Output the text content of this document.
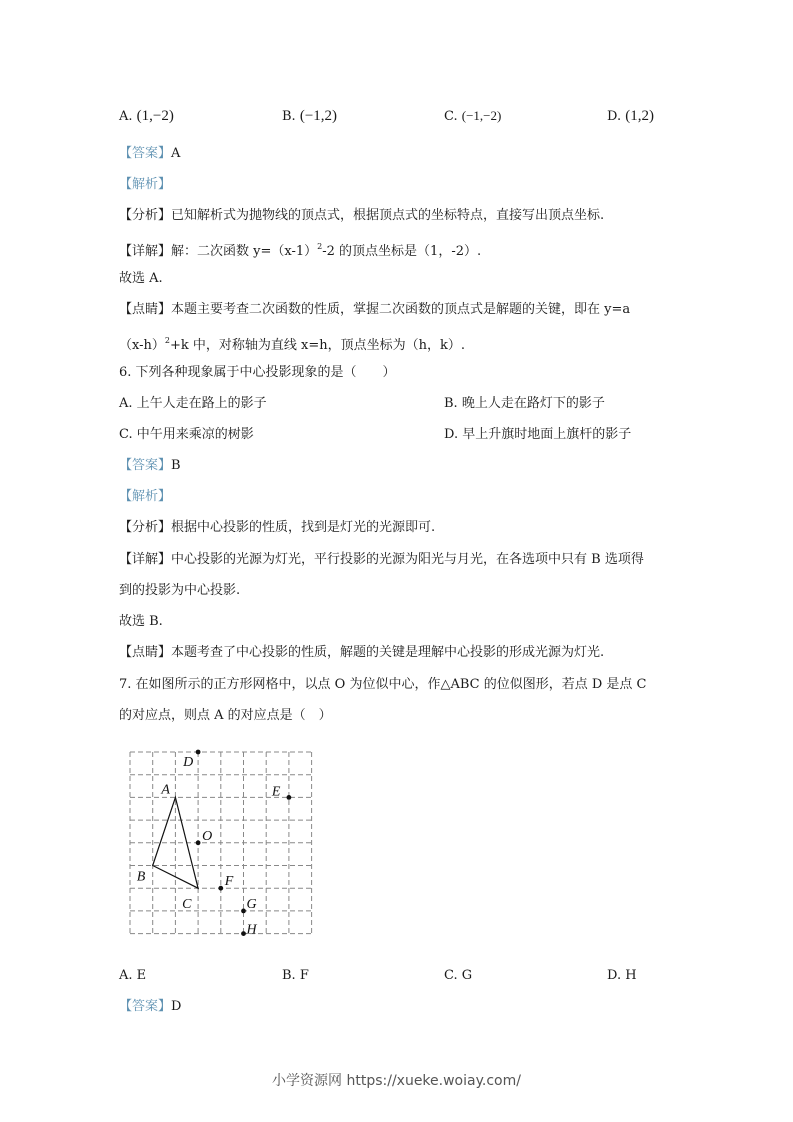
A. (1,−2)	B. (−1,2)	C. (−1,−2)	D. (1,2)
【答案】A
【解析】
【分析】已知解析式为抛物线的顶点式，根据顶点式的坐标特点，直接写出顶点坐标.
【详解】解：二次函数 $y=(x-1)^2-2$ 的顶点坐标是（1，-2）.
故选 A.
【点睛】本题主要考查二次函数的性质，掌握二次函数的顶点式是解题的关键，即在 y=a
$(x-h)^2+k$ 中，对称轴为直线 x=h，顶点坐标为（h，k）.
6. 下列各种现象属于中心投影现象的是（　　）
A. 上午人走在路上的影子	B. 晚上人走在路灯下的影子
C. 中午用来乘凉的树影	D. 早上升旗时地面上旗杆的影子
【答案】B
【解析】
【分析】根据中心投影的性质，找到是灯光的光源即可.
【详解】中心投影的光源为灯光，平行投影的光源为阳光与月光，在各选项中只有 B 选项得
到的投影为中心投影.
故选 B.
【点睛】本题考查了中心投影的性质，解题的关键是理解中心投影的形成光源为灯光.
7. 在如图所示的正方形网格中，以点 O 为位似中心，作△ABC 的位似图形，若点 D 是点 C
的对应点，则点 A 的对应点是（　）
D
A	E
O
B
C
F
G
H
A. E	B. F	C. G	D. H
【答案】D
小学资源网 https://xueke.woiay.com/
